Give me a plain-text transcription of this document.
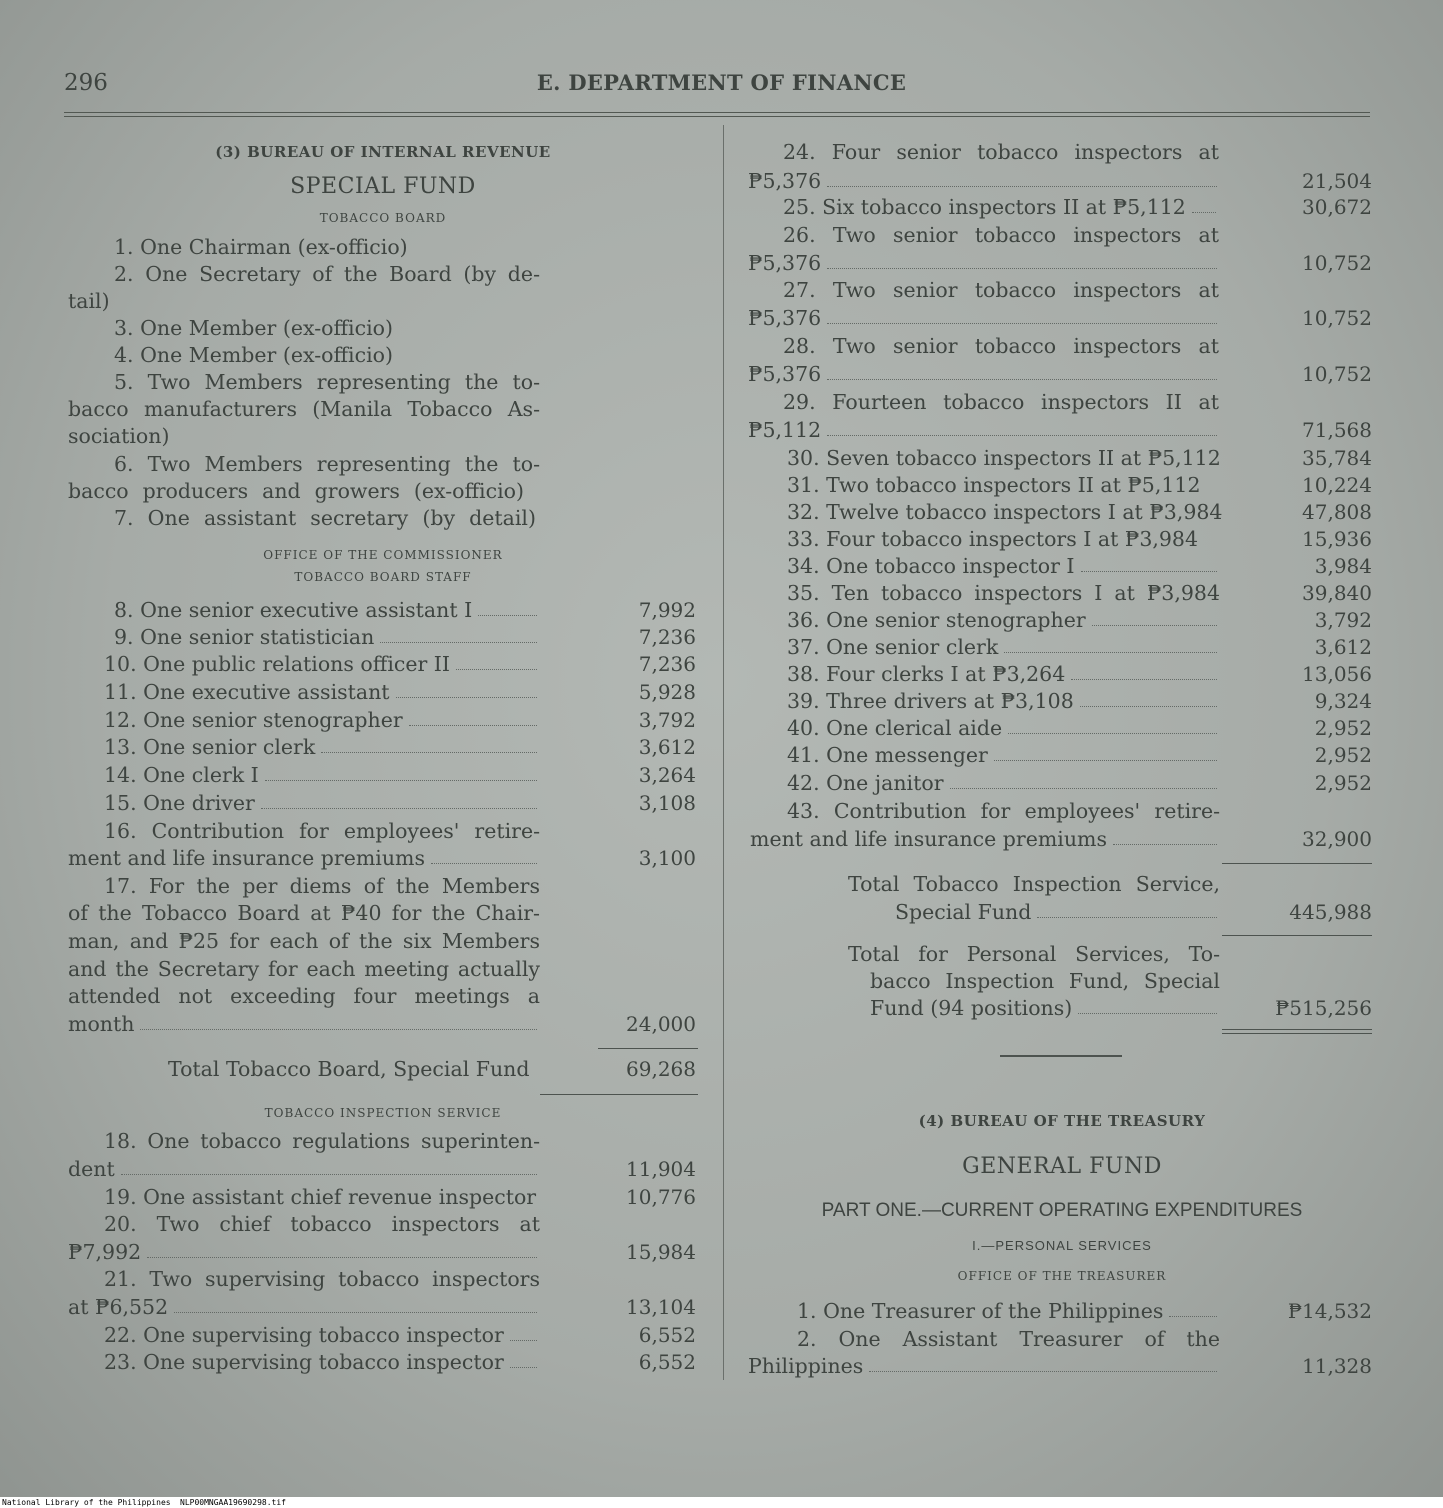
296	E. DEPARTMENT OF FINANCE
(3) BUREAU OF INTERNAL REVENUE
SPECIAL FUND
TOBACCO BOARD
1. One Chairman (ex-officio)
2. One Secretary of the Board (by de-
tail)
3. One Member (ex-officio)
4. One Member (ex-officio)
5. Two Members representing the to-
bacco manufacturers (Manila Tobacco As-
sociation)
6. Two Members representing the to-
bacco producers and growers (ex-officio)
7. One assistant secretary (by detail)
OFFICE OF THE COMMISSIONER
TOBACCO BOARD STAFF
8. One senior executive assistant I	7,992
9. One senior statistician	7,236
10. One public relations officer II	7,236
11. One executive assistant	5,928
12. One senior stenographer	3,792
13. One senior clerk	3,612
14. One clerk I	3,264
15. One driver	3,108
16. Contribution for employees' retire-
ment and life insurance premiums	3,100
17. For the per diems of the Members
of the Tobacco Board at ₱40 for the Chair-
man, and ₱25 for each of the six Members
and the Secretary for each meeting actually
attended not exceeding four meetings a
month	24,000
Total Tobacco Board, Special Fund	69,268
TOBACCO INSPECTION SERVICE
18. One tobacco regulations superinten-
dent	11,904
19. One assistant chief revenue inspector	10,776
20. Two chief tobacco inspectors at
₱7,992	15,984
21. Two supervising tobacco inspectors
at ₱6,552	13,104
22. One supervising tobacco inspector	6,552
23. One supervising tobacco inspector	6,552
24. Four senior tobacco inspectors at
₱5,376	21,504
25. Six tobacco inspectors II at ₱5,112	30,672
26. Two senior tobacco inspectors at
₱5,376	10,752
27. Two senior tobacco inspectors at
₱5,376	10,752
28. Two senior tobacco inspectors at
₱5,376	10,752
29. Fourteen tobacco inspectors II at
₱5,112	71,568
30. Seven tobacco inspectors II at ₱5,112	35,784
31. Two tobacco inspectors II at ₱5,112	10,224
32. Twelve tobacco inspectors I at ₱3,984	47,808
33. Four tobacco inspectors I at ₱3,984	15,936
34. One tobacco inspector I	3,984
35. Ten tobacco inspectors I at ₱3,984	39,840
36. One senior stenographer	3,792
37. One senior clerk	3,612
38. Four clerks I at ₱3,264	13,056
39. Three drivers at ₱3,108	9,324
40. One clerical aide	2,952
41. One messenger	2,952
42. One janitor	2,952
43. Contribution for employees' retire-
ment and life insurance premiums	32,900
Total Tobacco Inspection Service,
Special Fund	445,988
Total for Personal Services, To-
bacco Inspection Fund, Special
Fund (94 positions)	₱515,256
(4) BUREAU OF THE TREASURY
GENERAL FUND
PART ONE.—CURRENT OPERATING EXPENDITURES
I.—PERSONAL SERVICES
OFFICE OF THE TREASURER
1. One Treasurer of the Philippines	₱14,532
2. One Assistant Treasurer of the
Philippines	11,328
National Library of the Philippines NLP00MNGAA19690298.tif
